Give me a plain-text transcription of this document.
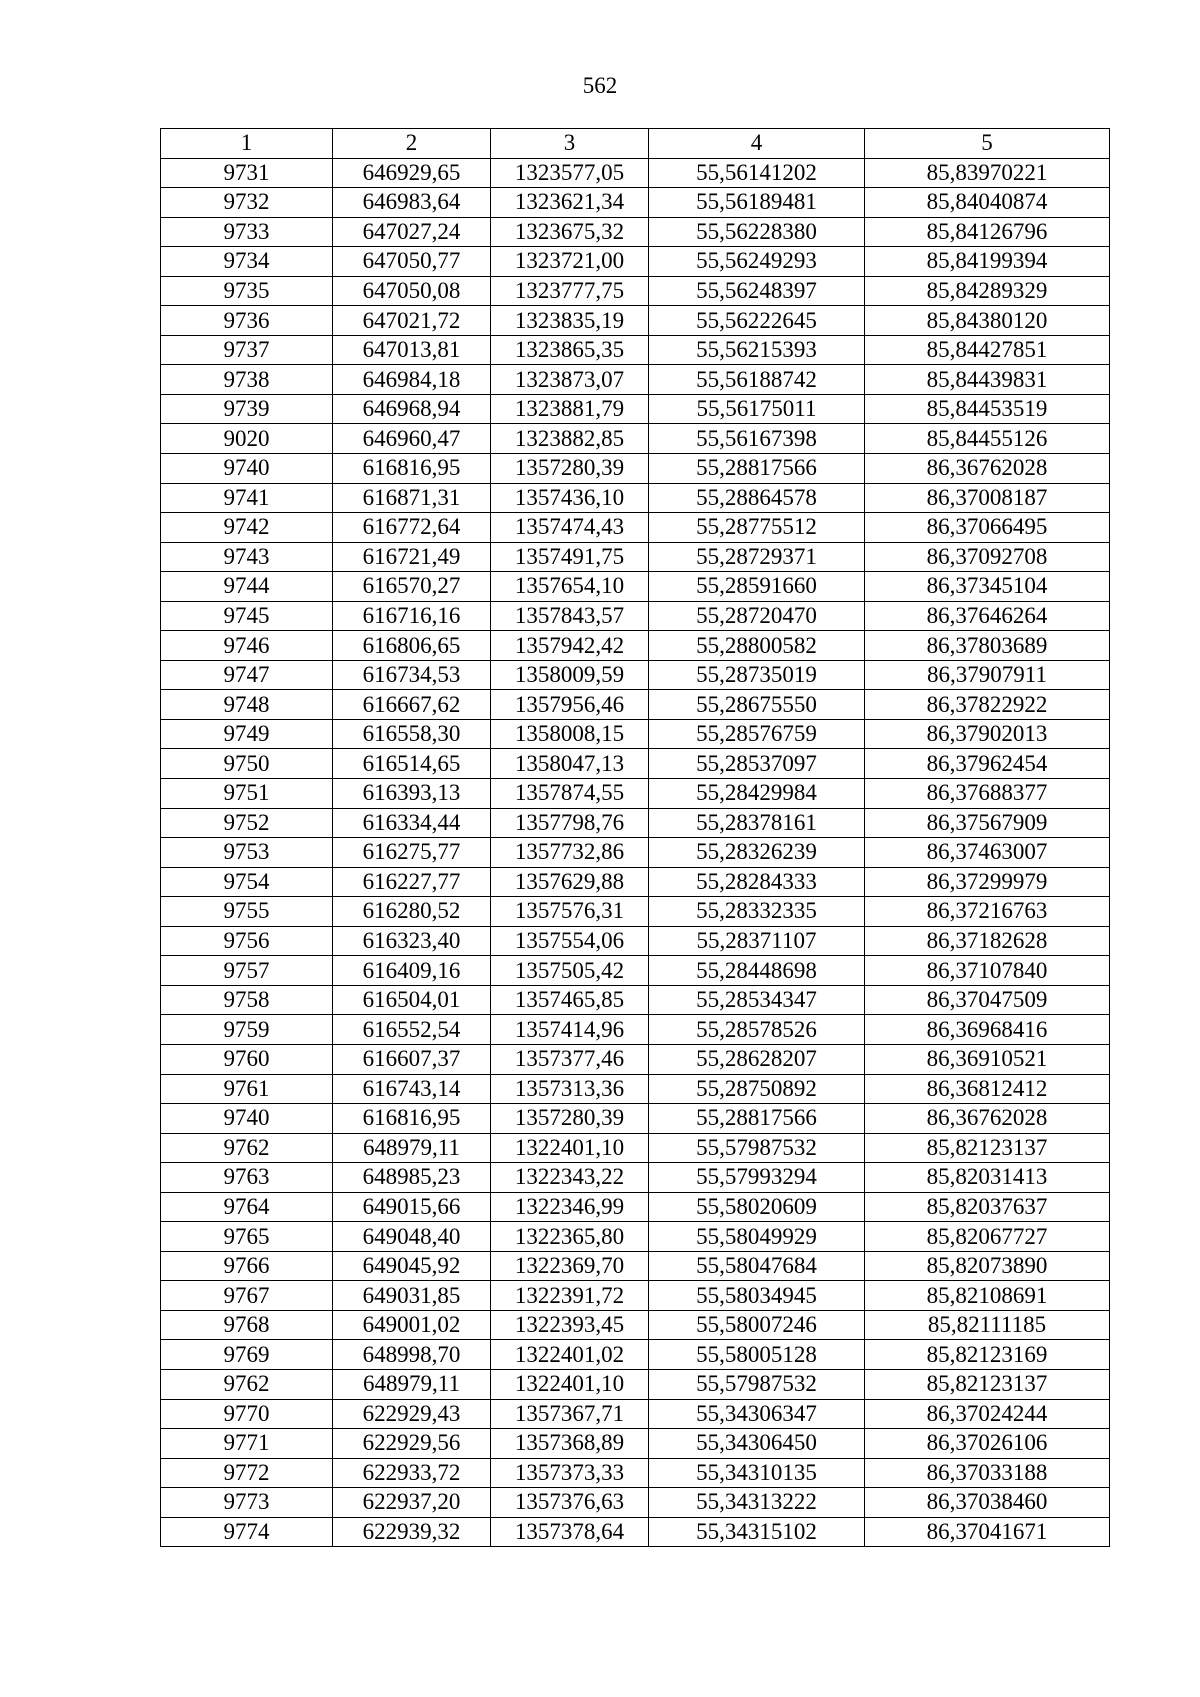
562
1	2	3	4	5
9731	646929,65	1323577,05	55,56141202	85,83970221
9732	646983,64	1323621,34	55,56189481	85,84040874
9733	647027,24	1323675,32	55,56228380	85,84126796
9734	647050,77	1323721,00	55,56249293	85,84199394
9735	647050,08	1323777,75	55,56248397	85,84289329
9736	647021,72	1323835,19	55,56222645	85,84380120
9737	647013,81	1323865,35	55,56215393	85,84427851
9738	646984,18	1323873,07	55,56188742	85,84439831
9739	646968,94	1323881,79	55,56175011	85,84453519
9020	646960,47	1323882,85	55,56167398	85,84455126
9740	616816,95	1357280,39	55,28817566	86,36762028
9741	616871,31	1357436,10	55,28864578	86,37008187
9742	616772,64	1357474,43	55,28775512	86,37066495
9743	616721,49	1357491,75	55,28729371	86,37092708
9744	616570,27	1357654,10	55,28591660	86,37345104
9745	616716,16	1357843,57	55,28720470	86,37646264
9746	616806,65	1357942,42	55,28800582	86,37803689
9747	616734,53	1358009,59	55,28735019	86,37907911
9748	616667,62	1357956,46	55,28675550	86,37822922
9749	616558,30	1358008,15	55,28576759	86,37902013
9750	616514,65	1358047,13	55,28537097	86,37962454
9751	616393,13	1357874,55	55,28429984	86,37688377
9752	616334,44	1357798,76	55,28378161	86,37567909
9753	616275,77	1357732,86	55,28326239	86,37463007
9754	616227,77	1357629,88	55,28284333	86,37299979
9755	616280,52	1357576,31	55,28332335	86,37216763
9756	616323,40	1357554,06	55,28371107	86,37182628
9757	616409,16	1357505,42	55,28448698	86,37107840
9758	616504,01	1357465,85	55,28534347	86,37047509
9759	616552,54	1357414,96	55,28578526	86,36968416
9760	616607,37	1357377,46	55,28628207	86,36910521
9761	616743,14	1357313,36	55,28750892	86,36812412
9740	616816,95	1357280,39	55,28817566	86,36762028
9762	648979,11	1322401,10	55,57987532	85,82123137
9763	648985,23	1322343,22	55,57993294	85,82031413
9764	649015,66	1322346,99	55,58020609	85,82037637
9765	649048,40	1322365,80	55,58049929	85,82067727
9766	649045,92	1322369,70	55,58047684	85,82073890
9767	649031,85	1322391,72	55,58034945	85,82108691
9768	649001,02	1322393,45	55,58007246	85,82111185
9769	648998,70	1322401,02	55,58005128	85,82123169
9762	648979,11	1322401,10	55,57987532	85,82123137
9770	622929,43	1357367,71	55,34306347	86,37024244
9771	622929,56	1357368,89	55,34306450	86,37026106
9772	622933,72	1357373,33	55,34310135	86,37033188
9773	622937,20	1357376,63	55,34313222	86,37038460
9774	622939,32	1357378,64	55,34315102	86,37041671
